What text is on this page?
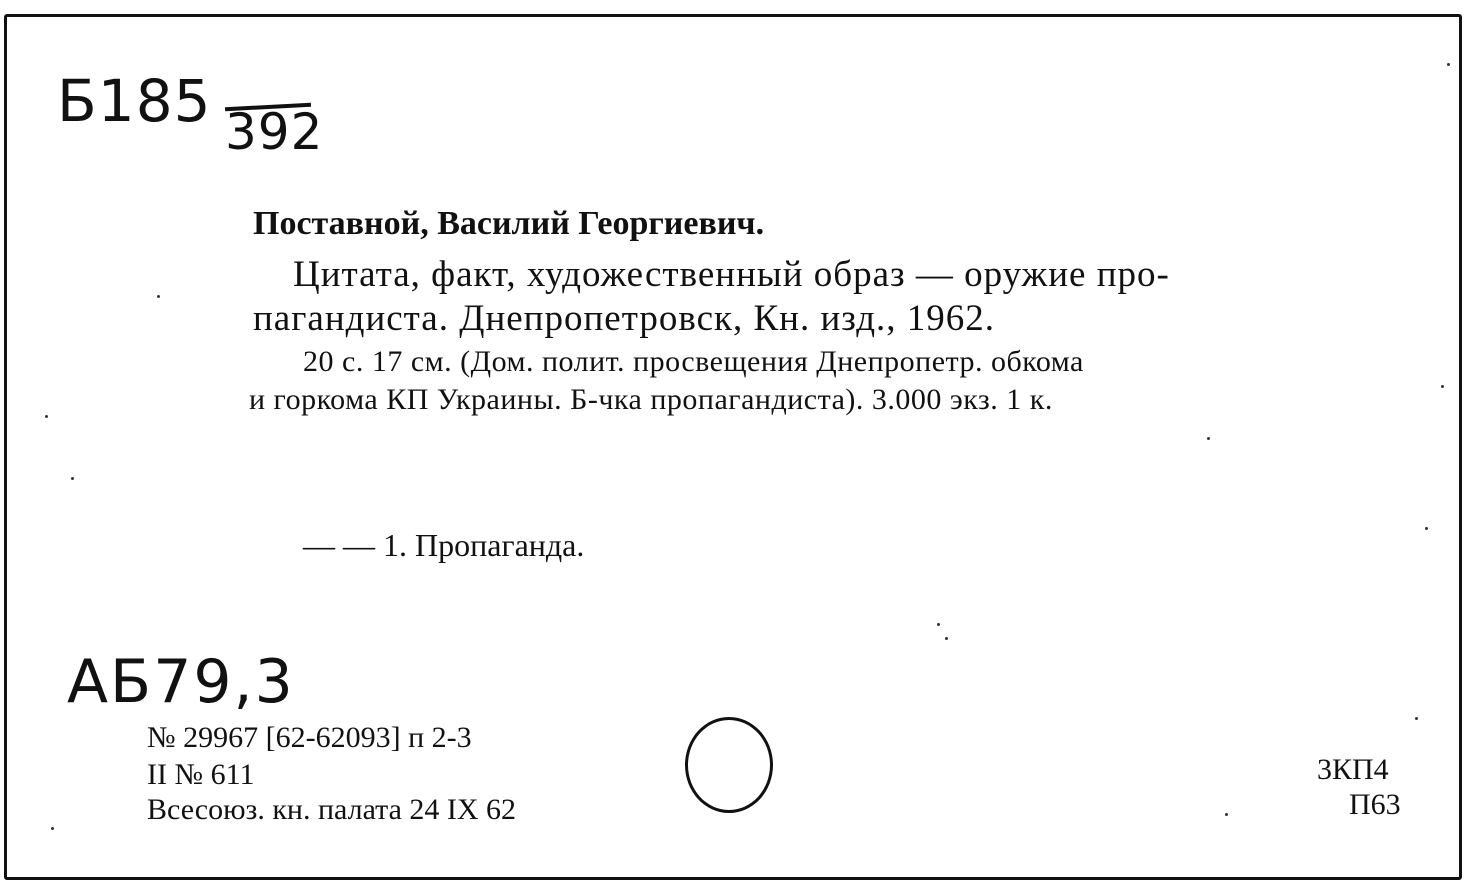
Б185 392
Поставной, Василий Георгиевич.
Цитата, факт, художественный образ — оружие про-
пагандиста. Днепропетровск, Кн. изд., 1962.
20 с. 17 см. (Дом. полит. просвещения Днепропетр. обкома
и горкома КП Украины. Б-чка пропагандиста). 3.000 экз. 1 к.
— — 1. Пропаганда.
АБ79,3
№ 29967 [62-62093] п 2-3
II № 611
Всесоюз. кн. палата 24 IX 62
3КП4
П63
